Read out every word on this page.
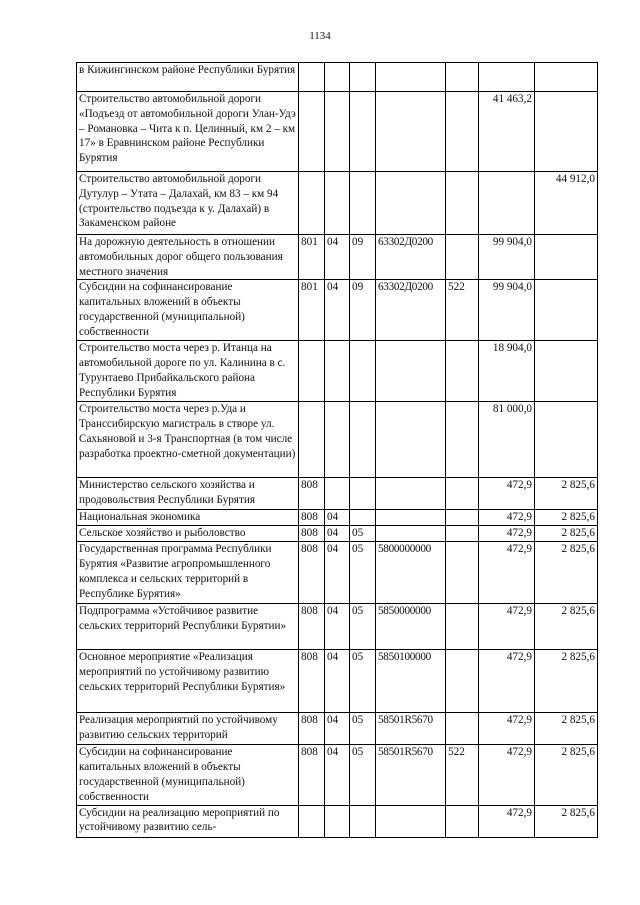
1134
в Кижингинском районе Республики Бурятия							
Строительство автомобильной дороги «Подъезд от автомобильной дороги Улан-Удэ – Романовка – Чита к п. Целинный, км 2 – км 17» в Еравнинском районе Республики Бурятия						41 463,2	
Строительство автомобильной дороги Дутулур – Утата – Далахай, км 83 – км 94 (строительство подъезда к у. Далахай) в Закаменском районе							44 912,0
На дорожную деятельность в отношении автомобильных дорог общего пользования местного значения	801	04	09	63302Д0200		99 904,0	
Субсидии на софинансирование капитальных вложений в объекты государственной (муниципальной) собственности	801	04	09	63302Д0200	522	99 904,0	
Строительство моста через р. Итанца на автомобильной дороге по ул. Калинина в с. Турунтаево Прибайкальского района Республики Бурятия						18 904,0	
Строительство моста через р.Уда и Транссибирскую магистраль в створе ул. Сахьяновой и 3-я Транспортная (в том числе разработка проектно-сметной документации)						81 000,0	
Министерство сельского хозяйства и продовольствия Республики Бурятия	808					472,9	2 825,6
Национальная экономика	808	04				472,9	2 825,6
Сельское хозяйство и рыболовство	808	04	05			472,9	2 825,6
Государственная программа Республики Бурятия «Развитие агропромышленного комплекса и сельских территорий в Республике Бурятия»	808	04	05	5800000000		472,9	2 825,6
Подпрограмма «Устойчивое развитие сельских территорий Республики Бурятии»	808	04	05	5850000000		472,9	2 825,6
Основное мероприятие «Реализация мероприятий по устойчивому развитию сельских территорий Республики Бурятия»	808	04	05	5850100000		472,9	2 825,6
Реализация мероприятий по устойчивому развитию сельских территорий	808	04	05	58501R5670		472,9	2 825,6
Субсидии на софинансирование капитальных вложений в объекты государственной (муниципальной) собственности	808	04	05	58501R5670	522	472,9	2 825,6
Субсидии на реализацию мероприятий по устойчивому развитию сель-						472,9	2 825,6
